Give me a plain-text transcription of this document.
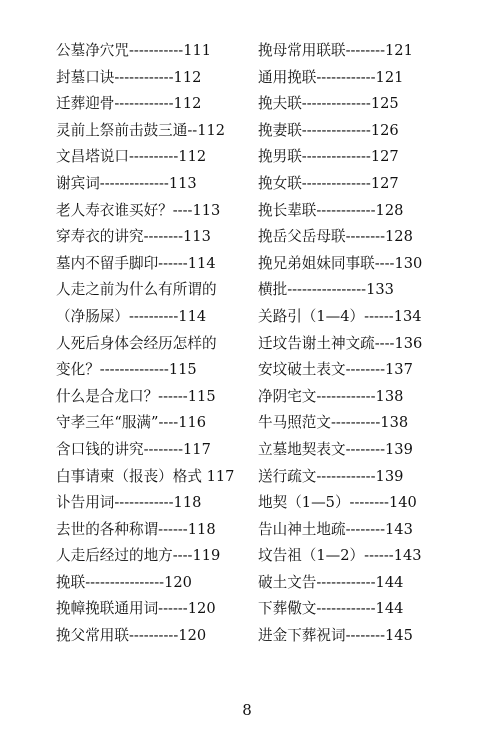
公墓净穴咒-----------111
封墓口诀------------112
迁葬迎骨------------112
灵前上祭前击鼓三通--112
文昌塔说口----------112
谢宾词--------------113
老人寿衣谁买好？----113
穿寿衣的讲究--------113
墓内不留手脚印------114
人走之前为什么有所谓的
（净肠屎）----------114
人死后身体会经历怎样的
变化？--------------115
什么是合龙口？------115
守孝三年“服满”----116
含口钱的讲究--------117
白事请柬（报丧）格式 117
讣告用词------------118
去世的各种称谓------118
人走后经过的地方----119
挽联----------------120
挽幛挽联通用词------120
挽父常用联----------120
挽母常用联联--------121
通用挽联------------121
挽夫联--------------125
挽妻联--------------126
挽男联--------------127
挽女联--------------127
挽长辈联------------128
挽岳父岳母联--------128
挽兄弟姐妹同事联----130
横批----------------133
关路引（1—4）------134
迁坟告谢土神文疏----136
安坟破土表文--------137
净阴宅文------------138
牛马照范文----------138
立墓地契表文--------139
送行疏文------------139
地契（1—5）--------140
告山神土地疏--------143
坟告祖（1—2）------143
破土文告------------144
下葬儆文------------144
进金下葬祝词--------145
8
